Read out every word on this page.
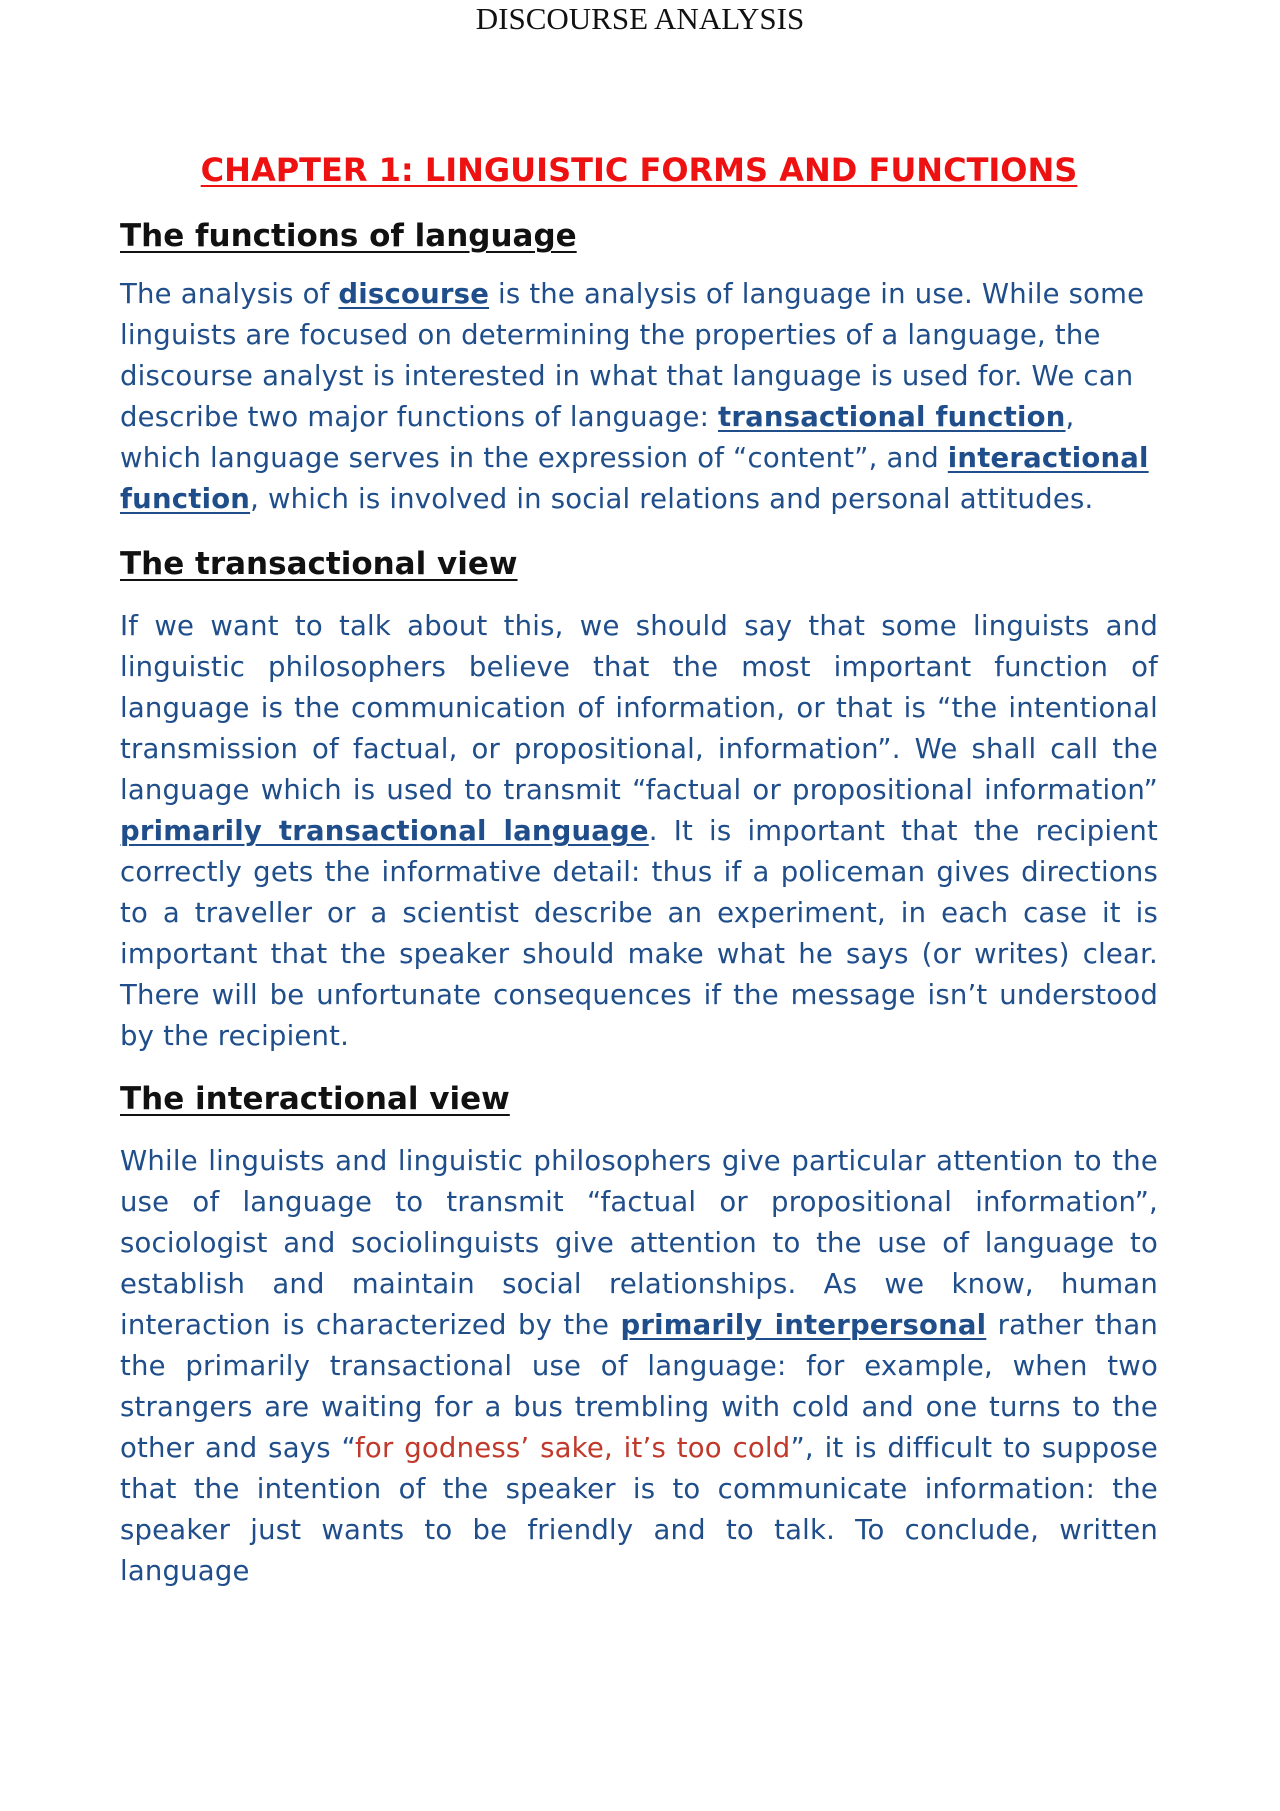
DISCOURSE ANALYSIS
CHAPTER 1: LINGUISTIC FORMS AND FUNCTIONS
The functions of language

The analysis of discourse is the analysis of language in use. While some linguists are focused on determining the properties of a language, the discourse analyst is interested in what that language is used for. We can describe two major functions of language: transactional function, which language serves in the expression of “content”, and interactional function, which is involved in social relations and personal attitudes.

The transactional view

If we want to talk about this, we should say that some linguists and linguistic philosophers believe that the most important function of language is the communication of information, or that is “the intentional transmission of factual, or propositional, information”. We shall call the language which is used to transmit “factual or propositional information” primarily transactional language. It is important that the recipient correctly gets the informative detail: thus if a policeman gives directions to a traveller or a scientist describe an experiment, in each case it is important that the speaker should make what he says (or writes) clear. There will be unfortunate consequences if the message isn’t understood by the recipient.

The interactional view

While linguists and linguistic philosophers give particular attention to the use of language to transmit “factual or propositional information”, sociologist and sociolinguists give attention to the use of language to establish and maintain social relationships. As we know, human interaction is characterized by the primarily interpersonal rather than the primarily transactional use of language: for example, when two strangers are waiting for a bus trembling with cold and one turns to the other and says “for godness’ sake, it’s too cold”, it is difficult to suppose that the intention of the speaker is to communicate information: the speaker just wants to be friendly and to talk. To conclude, written language
